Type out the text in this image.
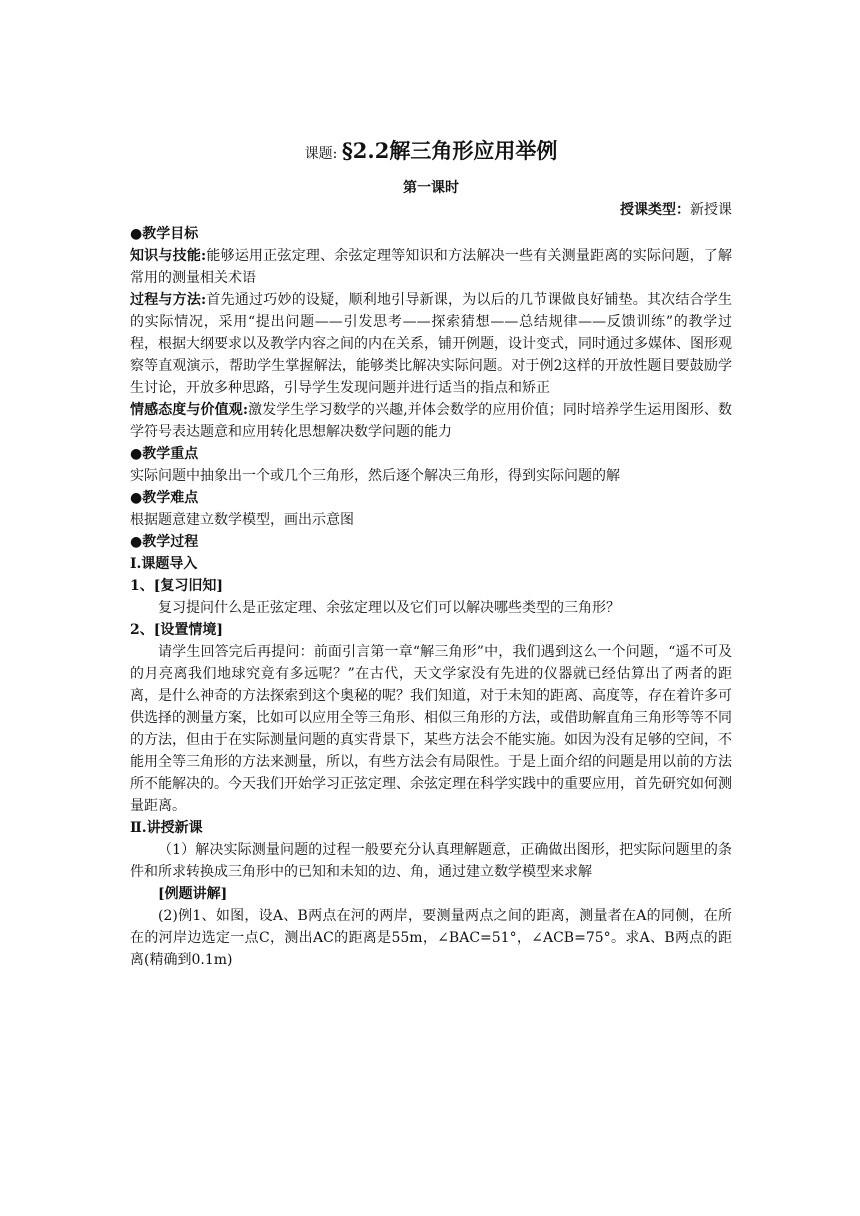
课题: §2.2解三角形应用举例
第一课时
授课类型：新授课

●教学目标

知识与技能:能够运用正弦定理、余弦定理等知识和方法解决一些有关测量距离的实际问题，了解常用的测量相关术语

过程与方法:首先通过巧妙的设疑，顺利地引导新课，为以后的几节课做良好铺垫。其次结合学生的实际情况，采用“提出问题——引发思考——探索猜想——总结规律——反馈训练”的教学过程，根据大纲要求以及教学内容之间的内在关系，铺开例题，设计变式，同时通过多媒体、图形观察等直观演示，帮助学生掌握解法，能够类比解决实际问题。对于例2这样的开放性题目要鼓励学生讨论，开放多种思路，引导学生发现问题并进行适当的指点和矫正

情感态度与价值观:激发学生学习数学的兴趣,并体会数学的应用价值；同时培养学生运用图形、数学符号表达题意和应用转化思想解决数学问题的能力

●教学重点

实际问题中抽象出一个或几个三角形，然后逐个解决三角形，得到实际问题的解

●教学难点

根据题意建立数学模型，画出示意图

●教学过程

Ⅰ.课题导入

1、[复习旧知]

复习提问什么是正弦定理、余弦定理以及它们可以解决哪些类型的三角形？

2、[设置情境]

请学生回答完后再提问：前面引言第一章“解三角形”中，我们遇到这么一个问题，“遥不可及的月亮离我们地球究竟有多远呢？”在古代，天文学家没有先进的仪器就已经估算出了两者的距离，是什么神奇的方法探索到这个奥秘的呢？我们知道，对于未知的距离、高度等，存在着许多可供选择的测量方案，比如可以应用全等三角形、相似三角形的方法，或借助解直角三角形等等不同的方法，但由于在实际测量问题的真实背景下，某些方法会不能实施。如因为没有足够的空间，不能用全等三角形的方法来测量，所以，有些方法会有局限性。于是上面介绍的问题是用以前的方法所不能解决的。今天我们开始学习正弦定理、余弦定理在科学实践中的重要应用，首先研究如何测量距离。

Ⅱ.讲授新课

（1）解决实际测量问题的过程一般要充分认真理解题意，正确做出图形，把实际问题里的条件和所求转换成三角形中的已知和未知的边、角，通过建立数学模型来求解

[例题讲解]

(2)例1、如图，设A、B两点在河的两岸，要测量两点之间的距离，测量者在A的同侧，在所在的河岸边选定一点C，测出AC的距离是55m，∠BAC=51°，∠ACB=75°。求A、B两点的距离(精确到0.1m)
